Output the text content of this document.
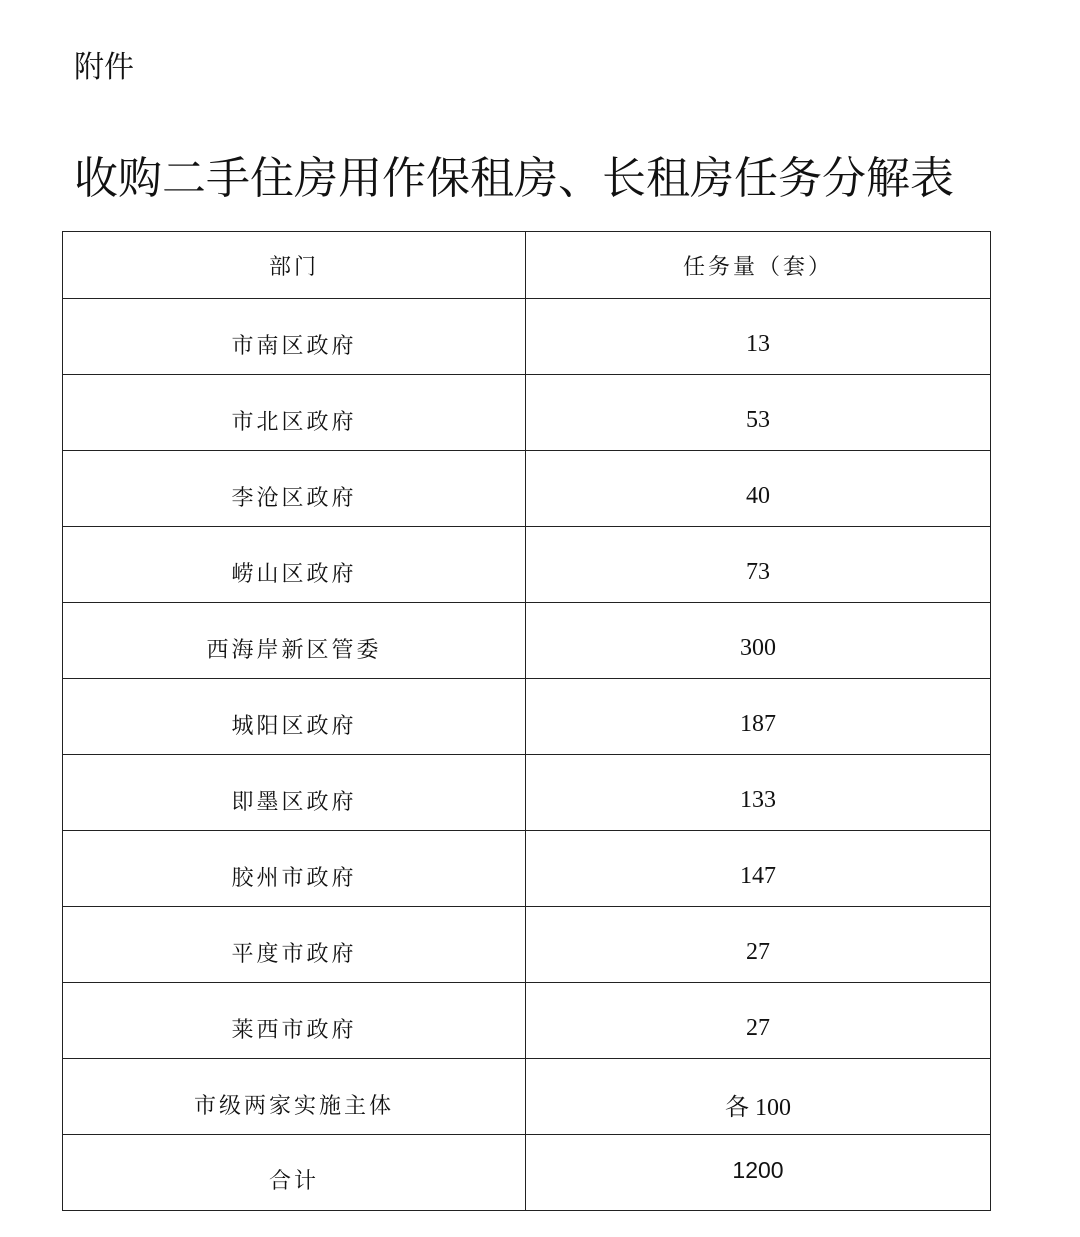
附件
收购二手住房用作保租房、长租房任务分解表
部门	任务量（套）
市南区政府	13
市北区政府	53
李沧区政府	40
崂山区政府	73
西海岸新区管委	300
城阳区政府	187
即墨区政府	133
胶州市政府	147
平度市政府	27
莱西市政府	27
市级两家实施主体	各 100
合计	1200
